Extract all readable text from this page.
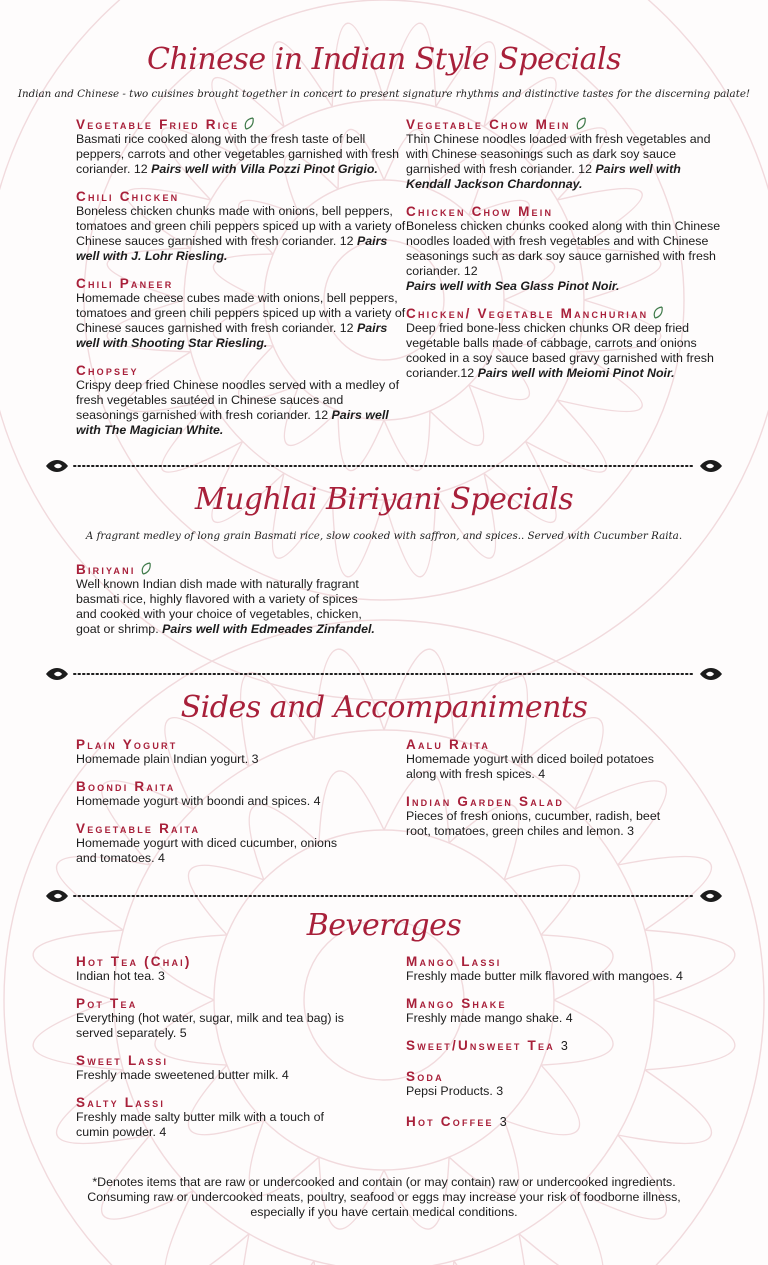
Chinese in Indian Style Specials
Indian and Chinese - two cuisines brought together in concert to present signature rhythms and distinctive tastes for the discerning palate!
Vegetable Fried Rice
Basmati rice cooked along with the fresh taste of bell peppers, carrots and other vegetables garnished with fresh coriander. 12 Pairs well with Villa Pozzi Pinot Grigio.
Chili Chicken
Boneless chicken chunks made with onions, bell peppers, tomatoes and green chili peppers spiced up with a variety of Chinese sauces garnished with fresh coriander. 12 Pairs well with J. Lohr Riesling.
Chili Paneer
Homemade cheese cubes made with onions, bell peppers, tomatoes and green chili peppers spiced up with a variety of Chinese sauces garnished with fresh coriander. 12 Pairs well with Shooting Star Riesling.
Chopsey
Crispy deep fried Chinese noodles served with a medley of fresh vegetables sautéed in Chinese sauces and seasonings garnished with fresh coriander. 12 Pairs well with The Magician White.
Vegetable Chow Mein
Thin Chinese noodles loaded with fresh vegetables and with Chinese seasonings such as dark soy sauce garnished with fresh coriander. 12 Pairs well with Kendall Jackson Chardonnay.
Chicken Chow Mein
Boneless chicken chunks cooked along with thin Chinese noodles loaded with fresh vegetables and with Chinese seasonings such as dark soy sauce garnished with fresh coriander. 12
Pairs well with Sea Glass Pinot Noir.
Chicken/ Vegetable Manchurian
Deep fried bone-less chicken chunks OR deep fried vegetable balls made of cabbage, carrots and onions cooked in a soy sauce based gravy garnished with fresh coriander.12 Pairs well with Meiomi Pinot Noir.
Mughlai Biriyani Specials
A fragrant medley of long grain Basmati rice, slow cooked with saffron, and spices.. Served with Cucumber Raita.
Biriyani
Well known Indian dish made with naturally fragrant basmati rice, highly flavored with a variety of spices and cooked with your choice of vegetables, chicken, goat or shrimp. Pairs well with Edmeades Zinfandel.
Sides and Accompaniments
Plain Yogurt
Homemade plain Indian yogurt. 3
Boondi Raita
Homemade yogurt with boondi and spices. 4
Vegetable Raita
Homemade yogurt with diced cucumber, onions and tomatoes. 4
Aalu Raita
Homemade yogurt with diced boiled potatoes along with fresh spices. 4
Indian Garden Salad
Pieces of fresh onions, cucumber, radish, beet root, tomatoes, green chiles and lemon. 3
Beverages
Hot Tea (Chai)
Indian hot tea. 3
Pot Tea
Everything (hot water, sugar, milk and tea bag) is served separately. 5
Sweet Lassi
Freshly made sweetened butter milk. 4
Salty Lassi
Freshly made salty butter milk with a touch of cumin powder. 4
Mango Lassi
Freshly made butter milk flavored with mangoes. 4
Mango Shake
Freshly made mango shake. 4
Sweet/Unsweet Tea 3
Soda
Pepsi Products. 3
Hot Coffee 3
*Denotes items that are raw or undercooked and contain (or may contain) raw or undercooked ingredients.
Consuming raw or undercooked meats, poultry, seafood or eggs may increase your risk of foodborne illness,
especially if you have certain medical conditions.
